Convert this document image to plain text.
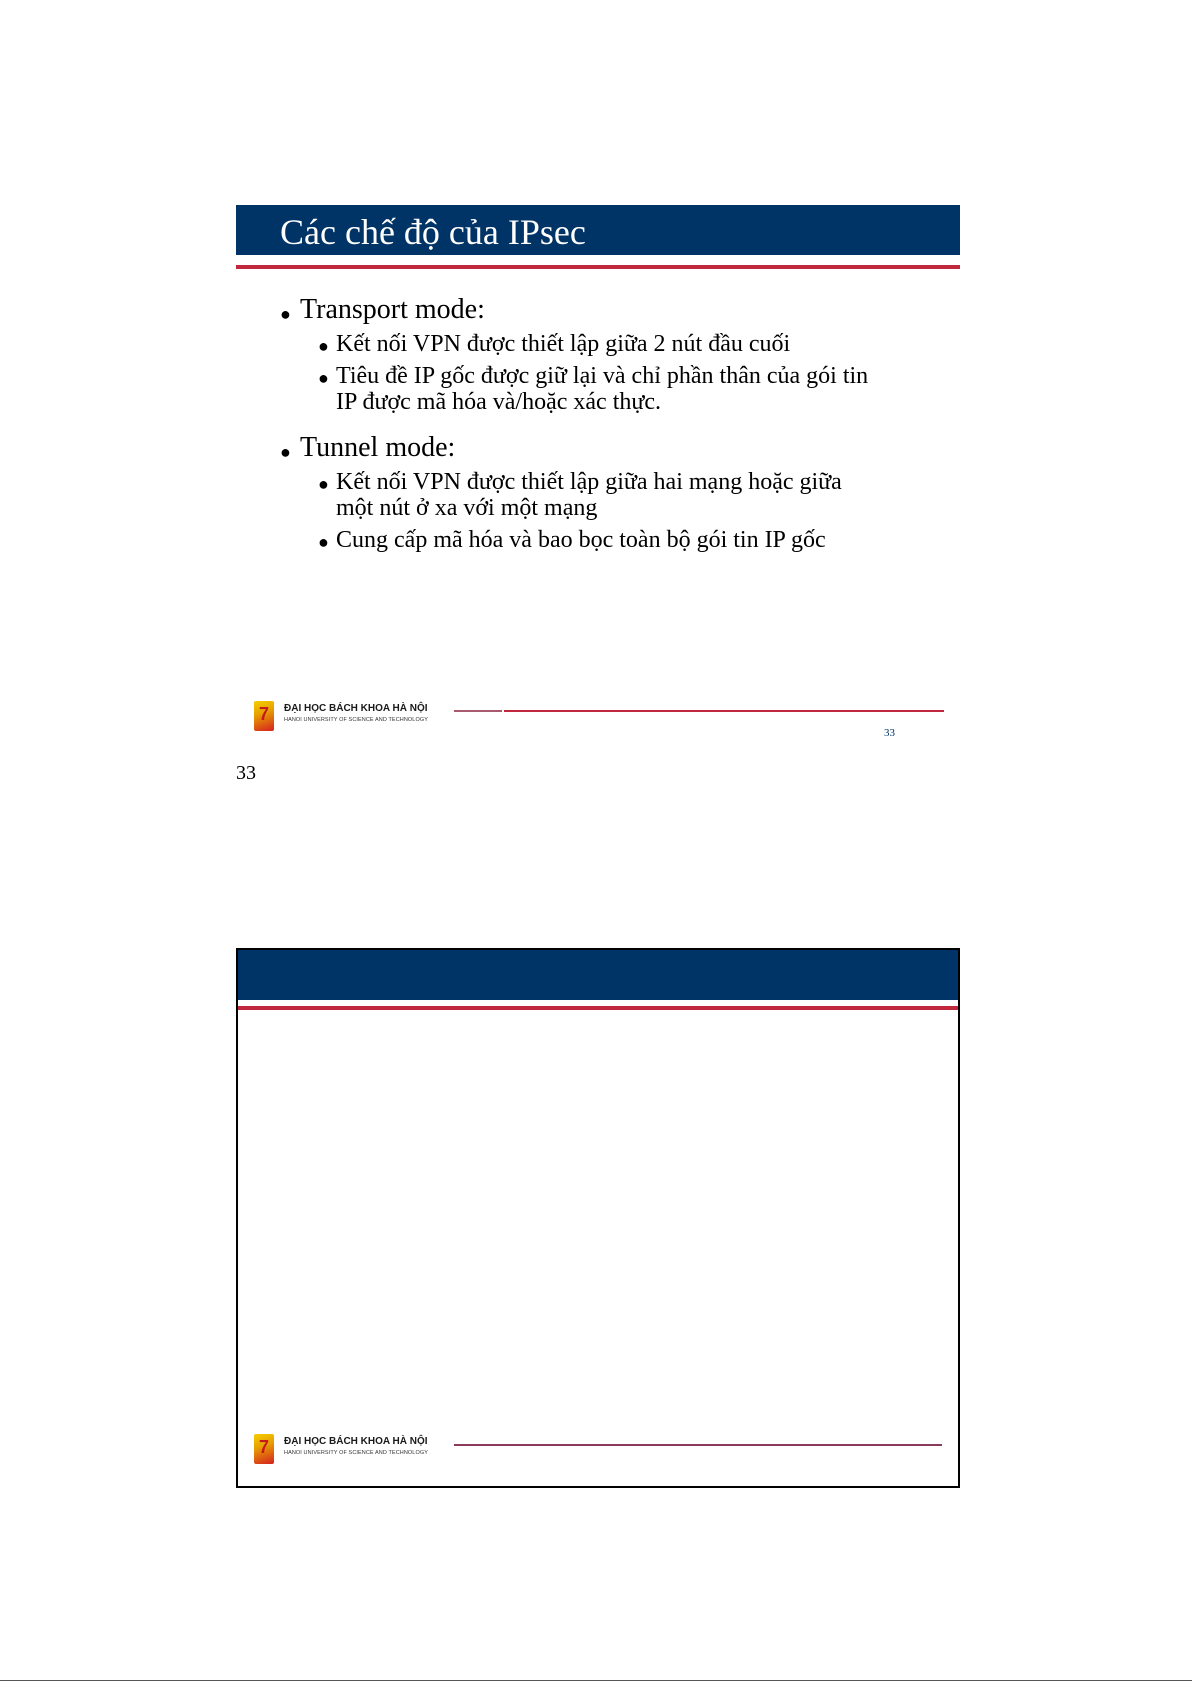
Các chế độ của IPsec
● Transport mode:
● Kết nối VPN được thiết lập giữa 2 nút đầu cuối
● Tiêu đề IP gốc được giữ lại và chỉ phần thân của gói tin
IP được mã hóa và/hoặc xác thực.
● Tunnel mode:
● Kết nối VPN được thiết lập giữa hai mạng hoặc giữa
một nút ở xa với một mạng
● Cung cấp mã hóa và bao bọc toàn bộ gói tin IP gốc
7 ĐẠI HỌC BÁCH KHOA HÀ NỘI
HANOI UNIVERSITY OF SCIENCE AND TECHNOLOGY
33
33
7 ĐẠI HỌC BÁCH KHOA HÀ NỘI
HANOI UNIVERSITY OF SCIENCE AND TECHNOLOGY
